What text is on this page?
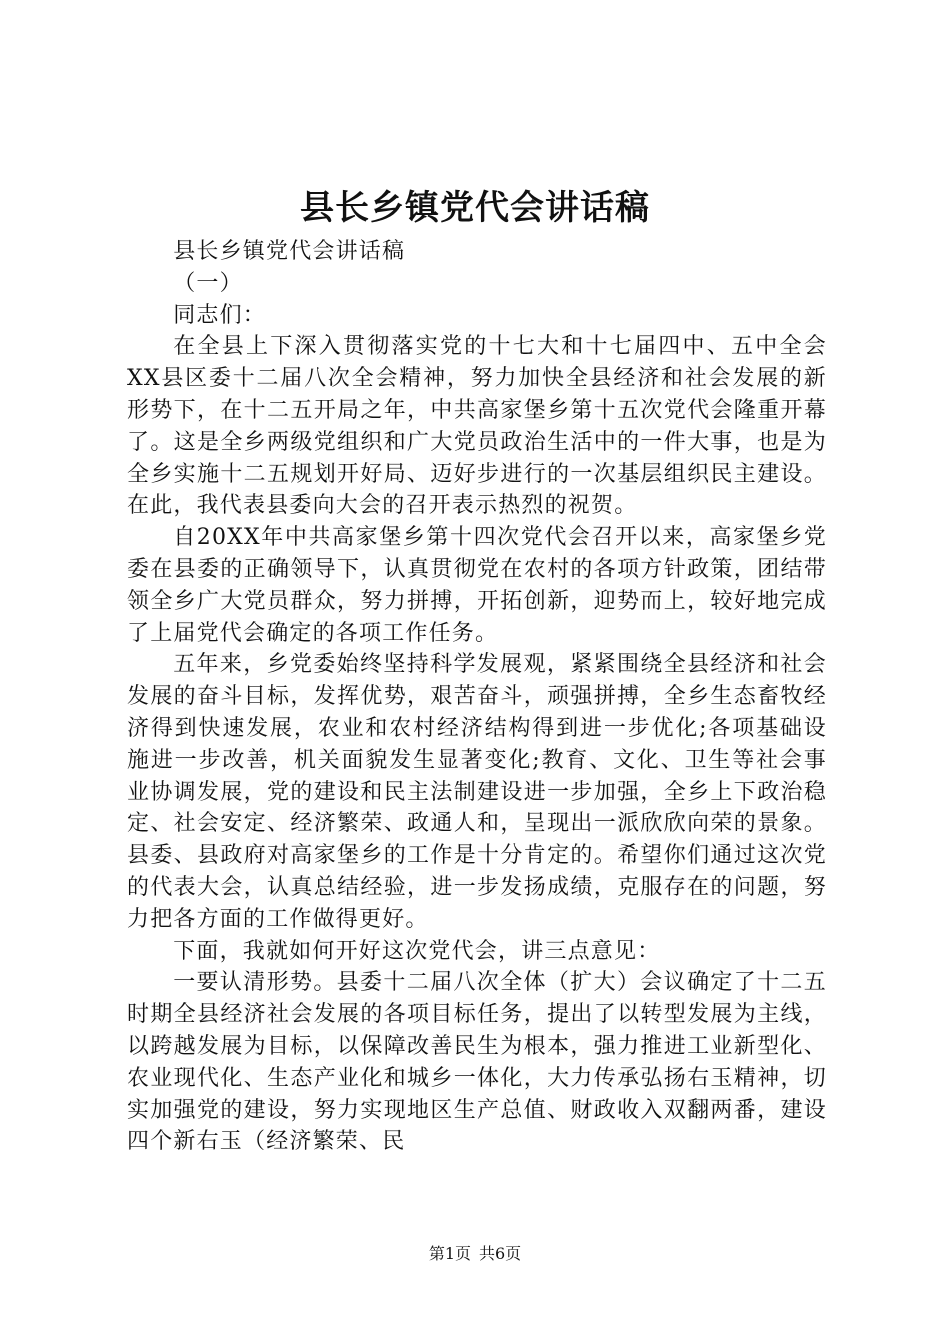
县长乡镇党代会讲话稿

县长乡镇党代会讲话稿

（一）

同志们：

在全县上下深入贯彻落实党的十七大和十七届四中、五中全会XX县区委十二届八次全会精神，努力加快全县经济和社会发展的新形势下，在十二五开局之年，中共高家堡乡第十五次党代会隆重开幕了。这是全乡两级党组织和广大党员政治生活中的一件大事，也是为全乡实施十二五规划开好局、迈好步进行的一次基层组织民主建设。在此，我代表县委向大会的召开表示热烈的祝贺。

自20XX年中共高家堡乡第十四次党代会召开以来，高家堡乡党委在县委的正确领导下，认真贯彻党在农村的各项方针政策，团结带领全乡广大党员群众，努力拼搏，开拓创新，迎势而上，较好地完成了上届党代会确定的各项工作任务。

五年来，乡党委始终坚持科学发展观，紧紧围绕全县经济和社会发展的奋斗目标，发挥优势，艰苦奋斗，顽强拼搏，全乡生态畜牧经济得到快速发展，农业和农村经济结构得到进一步优化;各项基础设施进一步改善，机关面貌发生显著变化;教育、文化、卫生等社会事业协调发展，党的建设和民主法制建设进一步加强，全乡上下政治稳定、社会安定、经济繁荣、政通人和，呈现出一派欣欣向荣的景象。县委、县政府对高家堡乡的工作是十分肯定的。希望你们通过这次党的代表大会，认真总结经验，进一步发扬成绩，克服存在的问题，努力把各方面的工作做得更好。

下面，我就如何开好这次党代会，讲三点意见：

一要认清形势。县委十二届八次全体（扩大）会议确定了十二五时期全县经济社会发展的各项目标任务，提出了以转型发展为主线，以跨越发展为目标，以保障改善民生为根本，强力推进工业新型化、农业现代化、生态产业化和城乡一体化，大力传承弘扬右玉精神，切实加强党的建设，努力实现地区生产总值、财政收入双翻两番，建设四个新右玉（经济繁荣、民

第1页 共6页
